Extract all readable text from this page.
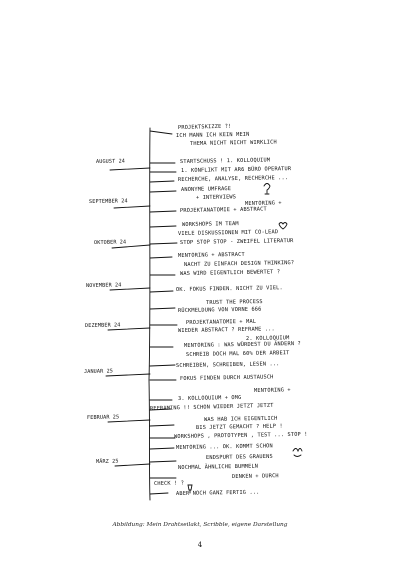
AUGUST 24
SEPTEMBER 24
OKTOBER 24
NOVEMBER 24
DEZEMBER 24
JANUAR 25
FEBRUAR 25
MÄRZ 25
PROJEKTSKIZZE ?!
ICH MANN ICH KEIN MEIN
THEMA NICHT NICHT WIRKLICH
STARTSCHUSS ! 1. KOLLOQUIUM
1. KONFLIKT MIT AR6 BÜRO OPERATUR
RECHERCHE, ANALYSE, RECHERCHE ...
ANONYME UMFRAGE
+ INTERVIEWS
MENTORING +
PROJEKTANATOMIE + ABSTRACT
WORKSHOPS IM TEAM
VIELE DISKUSSIONEN MIT CO-LEAD
STOP STOP STOP - ZWEIFEL LITERATUR
MENTORING + ABSTRACT
NACHT ZU EINFACH DESIGN THINKING?
WAS WIRD EIGENTLICH BEWERTET ?
OK. FOKUS FINDEN. NICHT ZU VIEL.
TRUST THE PROCESS
RÜCKMELDUNG VON VORNE 666
PROJEKTANATOMIE + MAL
WIEDER ABSTRACT ? REFRAME ...
2. KOLLOQUIUM
MENTORING : WAS WÜRDEST DU ÄNDERN ?
SCHREIB DOCH MAL 60% DER ARBEIT
SCHREIBEN, SCHREIBEN, LESEN ...
FOKUS FINDEN DURCH AUSTAUSCH
MENTORING +
3. KOLLOQUIUM + OMG
REFRAMING !! SCHON WIEDER JETZT JETZT
WAS HAB ICH EIGENTLICH
BIS JETZT GEMACHT ? HELP !
WORKSHOPS , PROTOTYPEN , TEST ... STOP !
MENTORING ... OK. KOMMT SCHON
ENDSPURT DES GRAUENS
NOCHMAL ÄHNLICHE BUMMELN
DENKEN + DURCH
CHECK ! ?
ABER NOCH GANZ FERTIG ...
Abbildung: Mein Drahtseilakt, Scribble, eigene Darstellung
4
